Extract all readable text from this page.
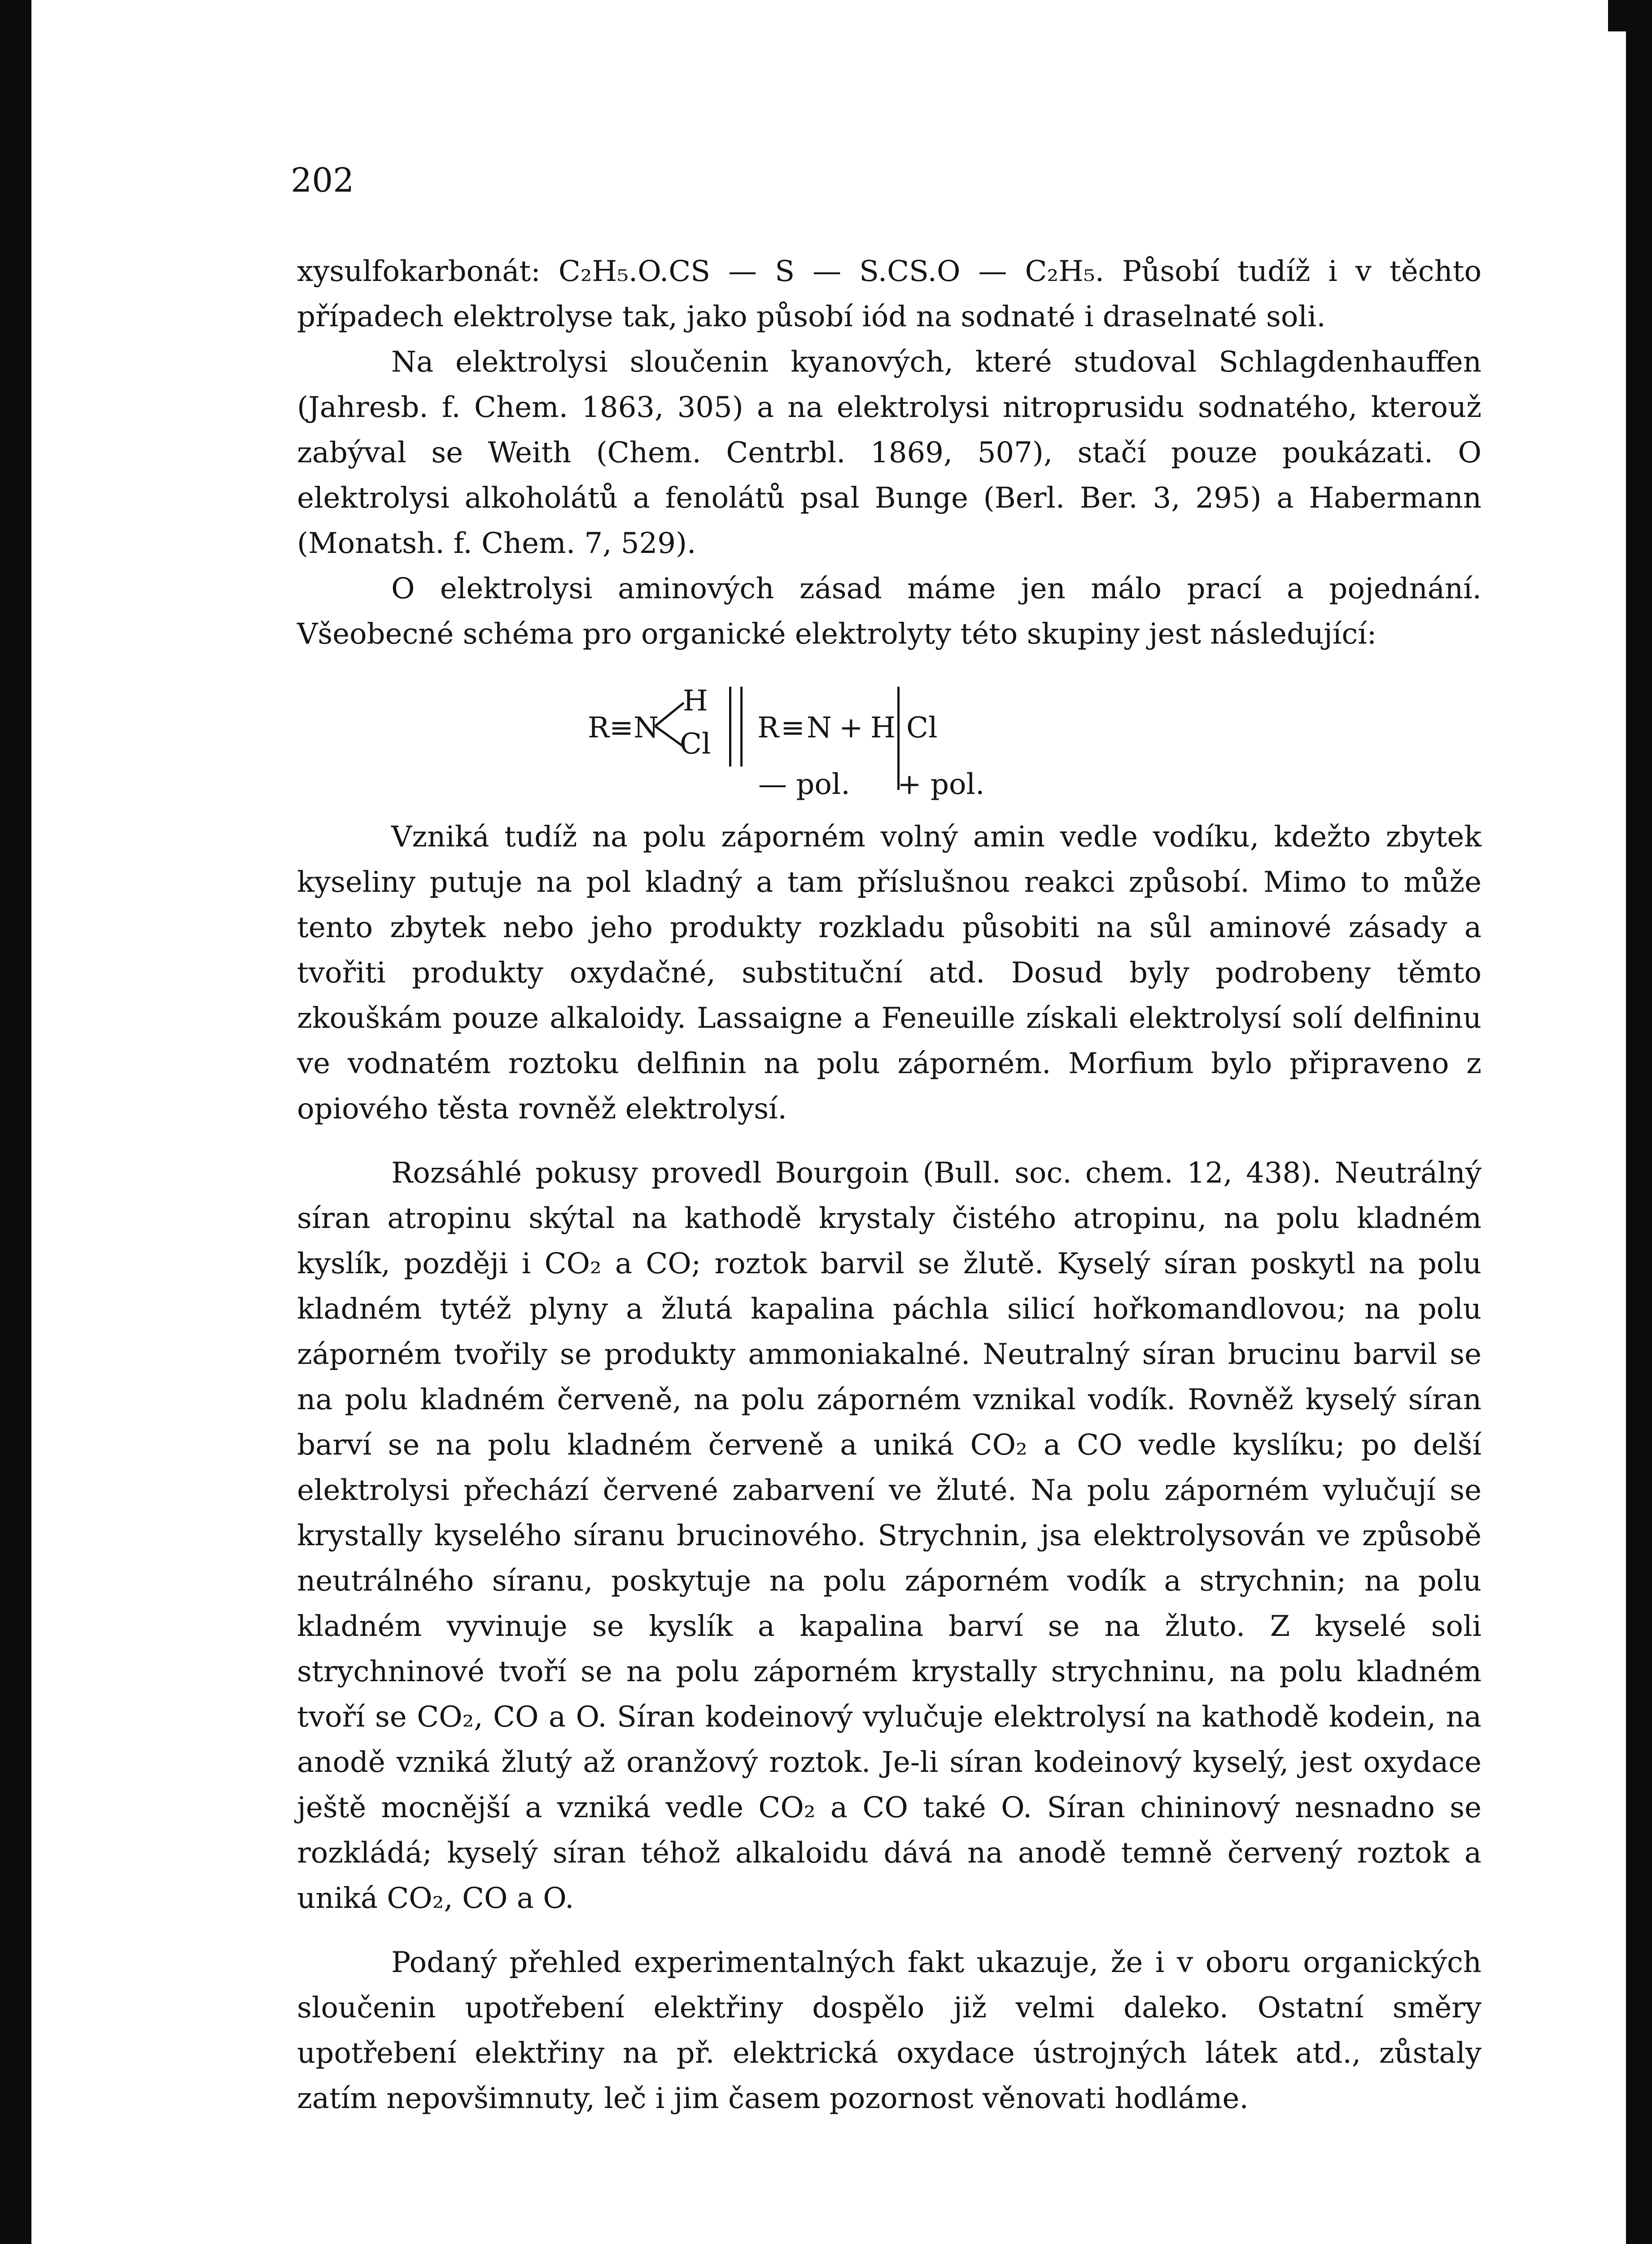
202

xysulfokarbonát: C₂H₅.O.CS — S — S.CS.O — C₂H₅. Působí tudíž i v těchto případech elektrolyse tak, jako působí iód na sodnaté i draselnaté soli.

Na elektrolysi sloučenin kyanových, které studoval Schlagdenhauffen (Jahresb. f. Chem. 1863, 305) a na elektrolysi nitroprusidu sodnatého, kterouž zabýval se Weith (Chem. Centrbl. 1869, 507), stačí pouze poukázati. O elektrolysi alkoholátů a fenolátů psal Bunge (Berl. Ber. 3, 295) a Habermann (Monatsh. f. Chem. 7, 529).

O elektrolysi aminových zásad máme jen málo prací a pojednání. Všeobecné schéma pro organické elektrolyty této skupiny jest následující:

R ≡ N
H
Cl R ≡ N + H Cl
— pol. + pol.

Vzniká tudíž na polu záporném volný amin vedle vodíku, kdežto zbytek kyseliny putuje na pol kladný a tam příslušnou reakci způsobí. Mimo to může tento zbytek nebo jeho produkty rozkladu působiti na sůl aminové zásady a tvořiti produkty oxydačné, substituční atd. Dosud byly podrobeny těmto zkouškám pouze alkaloidy. Lassaigne a Feneuille získali elektrolysí solí delfininu ve vodnatém roztoku delfinin na polu záporném. Morfium bylo připraveno z opiového těsta rovněž elektrolysí.

Rozsáhlé pokusy provedl Bourgoin (Bull. soc. chem. 12, 438). Neutrálný síran atropinu skýtal na kathodě krystaly čistého atropinu, na polu kladném kyslík, později i CO₂ a CO; roztok barvil se žlutě. Kyselý síran poskytl na polu kladném tytéž plyny a žlutá kapalina páchla silicí hořkomandlovou; na polu záporném tvořily se produkty ammoniakalné. Neutralný síran brucinu barvil se na polu kladném červeně, na polu záporném vznikal vodík. Rovněž kyselý síran barví se na polu kladném červeně a uniká CO₂ a CO vedle kyslíku; po delší elektrolysi přechází červené zabarvení ve žluté. Na polu záporném vylučují se krystally kyselého síranu brucinového. Strychnin, jsa elektrolysován ve způsobě neutrálného síranu, poskytuje na polu záporném vodík a strychnin; na polu kladném vyvinuje se kyslík a kapalina barví se na žluto. Z kyselé soli strychninové tvoří se na polu záporném krystally strychninu, na polu kladném tvoří se CO₂, CO a O. Síran kodeinový vylučuje elektrolysí na kathodě kodein, na anodě vzniká žlutý až oranžový roztok. Je-li síran kodeinový kyselý, jest oxydace ještě mocnější a vzniká vedle CO₂ a CO také O. Síran chininový nesnadno se rozkládá; kyselý síran téhož alkaloidu dává na anodě temně červený roztok a uniká CO₂, CO a O.

Podaný přehled experimentalných fakt ukazuje, že i v oboru organických sloučenin upotřebení elektřiny dospělo již velmi daleko. Ostatní směry upotřebení elektřiny na př. elektrická oxydace ústrojných látek atd., zůstaly zatím nepovšimnuty, leč i jim časem pozornost věnovati hodláme.
